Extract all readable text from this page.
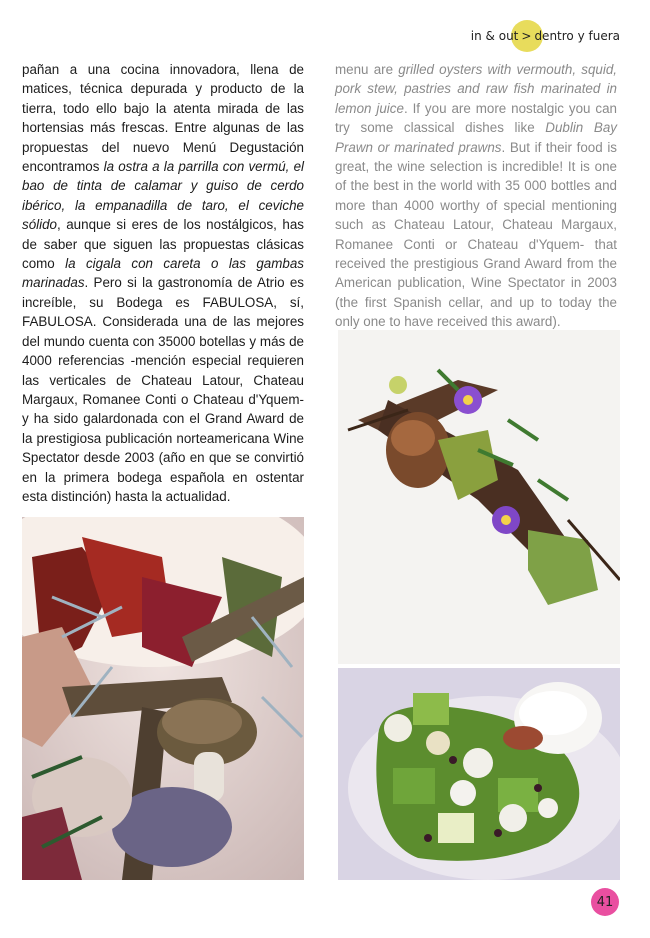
in & out > dentro y fuera

pañan a una cocina innovadora, llena de matices, técnica depurada y producto de la tierra, todo ello bajo la atenta mirada de las hortensias más frescas. Entre algunas de las propuestas del nuevo Menú Degustación encontramos la ostra a la parrilla con vermú, el bao de tinta de calamar y guiso de cerdo ibérico, la empanadilla de taro, el ceviche sólido, aunque si eres de los nostálgicos, has de saber que siguen las propuestas clásicas como la cigala con careta o las gambas marinadas. Pero si la gastronomía de Atrio es increíble, su Bodega es FABULOSA, sí, FABULOSA. Considerada una de las mejores del mundo cuenta con 35000 botellas y más de 4000 referencias -mención especial requieren las verticales de Chateau Latour, Chateau Margaux, Romanee Conti o Chateau d'Yquem- y ha sido galardonada con el Grand Award de la prestigiosa publicación norteamericana Wine Spectator desde 2003 (año en que se convirtió en la primera bodega española en ostentar esta distinción) hasta la actualidad.

menu are grilled oysters with vermouth, squid, pork stew, pastries and raw fish marinated in lemon juice. If you are more nostalgic you can try some classical dishes like Dublin Bay Prawn or marinated prawns. But if their food is great, the wine selection is incredible! It is one of the best in the world with 35 000 bottles and more than 4000 worthy of special mentioning such as Chateau Latour, Chateau Margaux, Romanee Conti or Chateau d'Yquem- that received the prestigious Grand Award from the American publication, Wine Spectator in 2003 (the first Spanish cellar, and up to today the only one to have received this award).

41
